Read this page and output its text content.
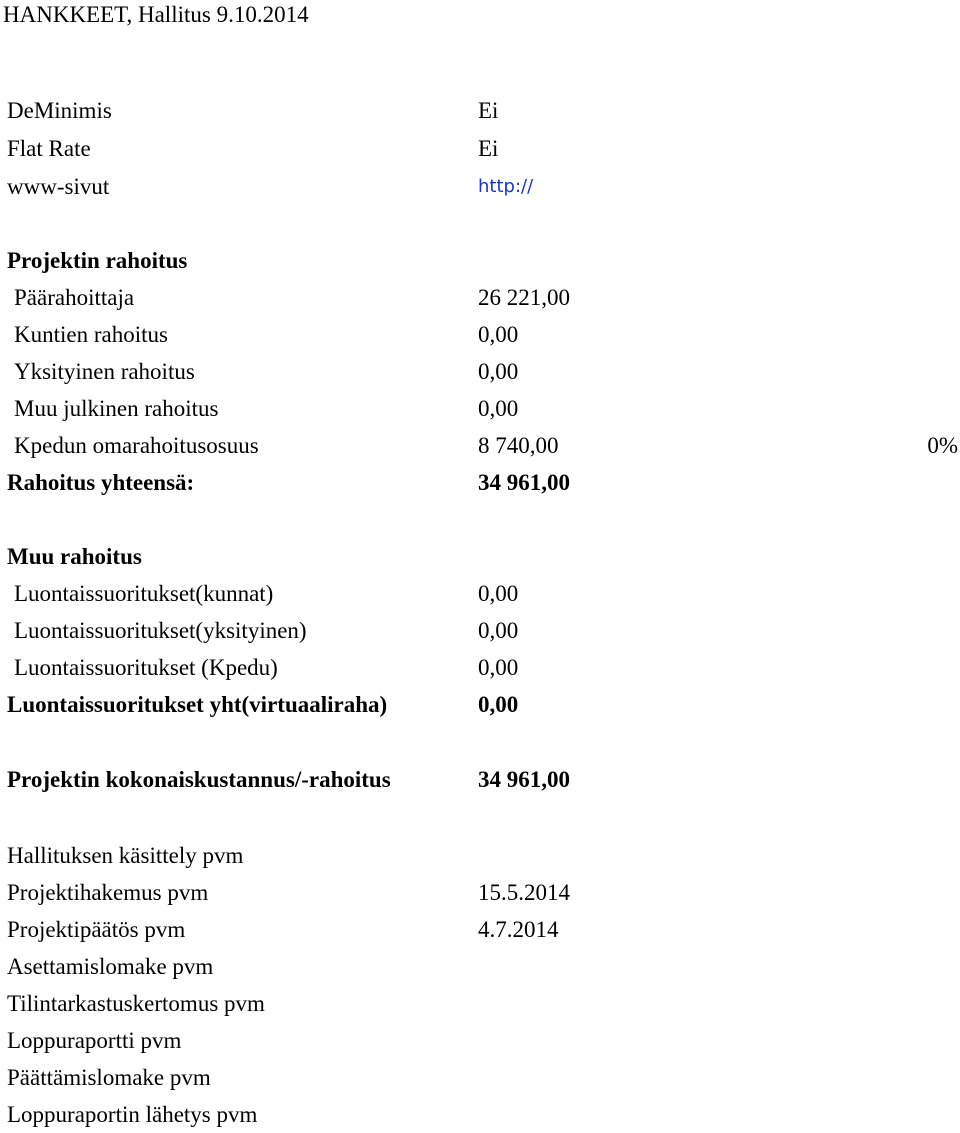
HANKKEET, Hallitus 9.10.2014
DeMinimis	Ei
Flat Rate	Ei
www-sivut	http://
Projektin rahoitus
Päärahoittaja	26 221,00
Kuntien rahoitus	0,00
Yksityinen rahoitus	0,00
Muu julkinen rahoitus	0,00
Kpedun omarahoitusosuus	8 740,00	0%
Rahoitus yhteensä:	34 961,00
Muu rahoitus
Luontaissuoritukset(kunnat)	0,00
Luontaissuoritukset(yksityinen)	0,00
Luontaissuoritukset (Kpedu)	0,00
Luontaissuoritukset yht(virtuaaliraha)	0,00
Projektin kokonaiskustannus/-rahoitus	34 961,00
Hallituksen käsittely pvm
Projektihakemus pvm	15.5.2014
Projektipäätös pvm	4.7.2014
Asettamislomake pvm
Tilintarkastuskertomus pvm
Loppuraportti pvm
Päättämislomake pvm
Loppuraportin lähetys pvm
